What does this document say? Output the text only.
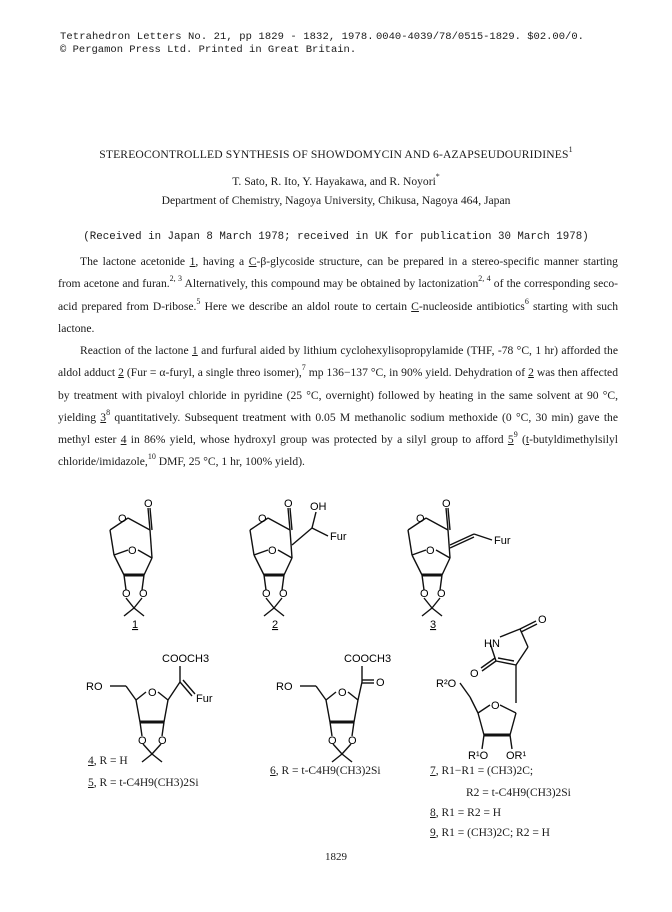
Tetrahedron Letters No. 21, pp 1829 - 1832, 1978. 0040-4039/78/0515-1829. $02.00/0.
© Pergamon Press Ltd. Printed in Great Britain.
STEREOCONTROLLED SYNTHESIS OF SHOWDOMYCIN AND 6-AZAPSEUDOURIDINES$^1$
T. Sato, R. Ito, Y. Hayakawa, and R. Noyori*
Department of Chemistry, Nagoya University, Chikusa, Nagoya 464, Japan
(Received in Japan 8 March 1978; received in UK for publication 30 March 1978)

The lactone acetonide 1, having a C-β-glycoside structure, can be prepared in a stereo-specific manner starting from acetone and furan.$^{2, 3}$ Alternatively, this compound may be obtained by lactonization$^{2, 4}$ of the corresponding seco-acid prepared from D-ribose.$^5$ Here we describe an aldol route to certain C-nucleoside antibiotics$^6$ starting with such lactone.

Reaction of the lactone 1 and furfural aided by lithium cyclohexylisopropylamide (THF, -78 °C, 1 hr) afforded the aldol adduct 2 (Fur = α-furyl, a single threo isomer),$^7$ mp 136−137 °C, in 90% yield. Dehydration of 2 was then affected by treatment with pivaloyl chloride in pyridine (25 °C, overnight) followed by heating in the same solvent at 90 °C, yielding $3^8$ quantitatively. Subsequent treatment with 0.05 M methanolic sodium methoxide (0 °C, 30 min) gave the methyl ester 4 in 86% yield, whose hydroxyl group was protected by a silyl group to afford $5^9$ (t-butyldimethylsilyl chloride/imidazole,$^{10}$ DMF, 25 °C, 1 hr, 100% yield).

O
O
O O
O
1
O OH
Fur
O
O O
O
2
O
Fur
O
O O
O
3
RO	O
COOCH3
Fur
O O
RO	O
COOCH3
O
O O
HN
O
O
R²O
O
R¹O OR¹
4, R = H
5, R = t-C4H9(CH3)2Si
6, R = t-C4H9(CH3)2Si	7, R1−R1 = (CH3)2C;
R2 = t-C4H9(CH3)2Si
8, R1 = R2 = H
9, R1 = (CH3)2C; R2 = H
1829
